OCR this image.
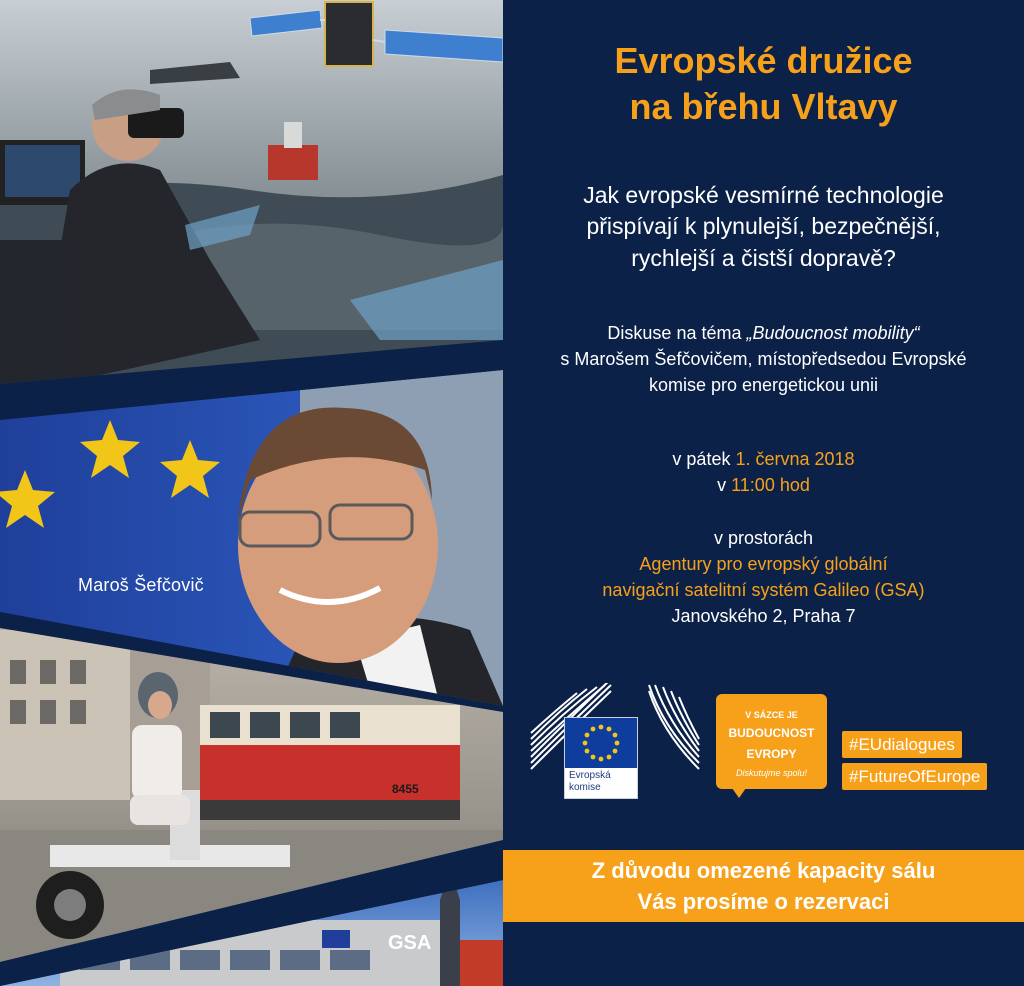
8455
Maroš Šefčovič
GSA
Evropské družice
na břehu Vltavy
Jak evropské vesmírné technologie
přispívají k plynulejší, bezpečnější,
rychlejší a čistší dopravě?
Diskuse na téma „Budoucnost mobility“
s Marošem Šefčovičem, místopředsedou Evropské
komise pro energetickou unii
v pátek 1. června 2018
v 11:00 hod
v prostorách
Agentury pro evropský globální
navigační satelitní systém Galileo (GSA)
Janovského 2, Praha 7
Evropská
komise
V SÁZCE JE
BUDOUCNOST
EVROPY
Diskutujme spolu!
#EUdialogues
#FutureOfEurope
Z důvodu omezené kapacity sálu
Vás prosíme o rezervaci
